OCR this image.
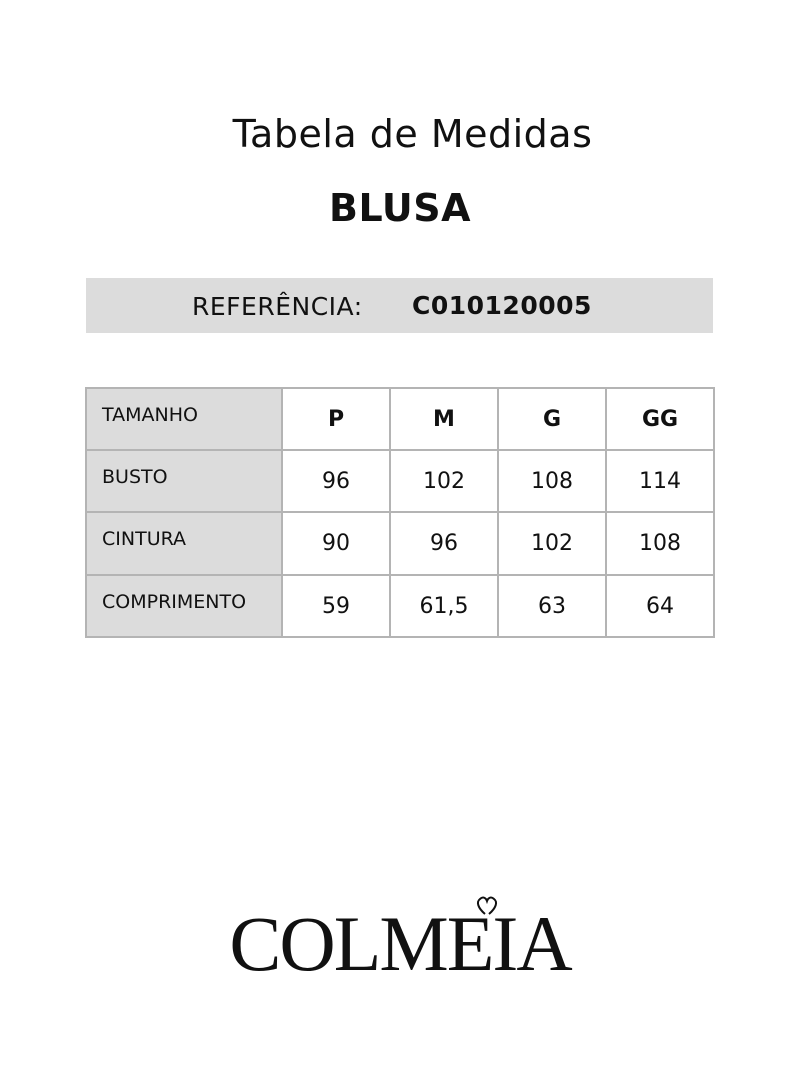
Tabela de Medidas
BLUSA
REFERÊNCIA: C010120005
TAMANHO	P	M	G	GG
BUSTO	96	102	108	114
CINTURA	90	96	102	108
COMPRIMENTO	59	61,5	63	64
COLMEIA
